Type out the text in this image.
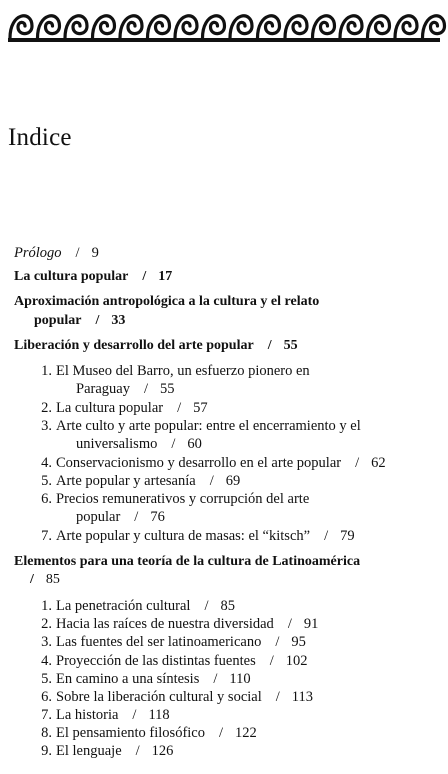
Indice
Prólogo / 9
La cultura popular / 17
Aproximación antropológica a la cultura y el relato
popular / 33
Liberación y desarrollo del arte popular / 55
1. El Museo del Barro, un esfuerzo pionero en
Paraguay / 55
2. La cultura popular / 57
3. Arte culto y arte popular: entre el encerramiento y el
universalismo / 60
4. Conservacionismo y desarrollo en el arte popular / 62
5. Arte popular y artesanía / 69
6. Precios remunerativos y corrupción del arte
popular / 76
7. Arte popular y cultura de masas: el “kitsch” / 79
Elementos para una teoría de la cultura de Latinoamérica
/ 85
1. La penetración cultural / 85
2. Hacia las raíces de nuestra diversidad / 91
3. Las fuentes del ser latinoamericano / 95
4. Proyección de las distintas fuentes / 102
5. En camino a una síntesis / 110
6. Sobre la liberación cultural y social / 113
7. La historia / 118
8. El pensamiento filosófico / 122
9. El lenguaje / 126
